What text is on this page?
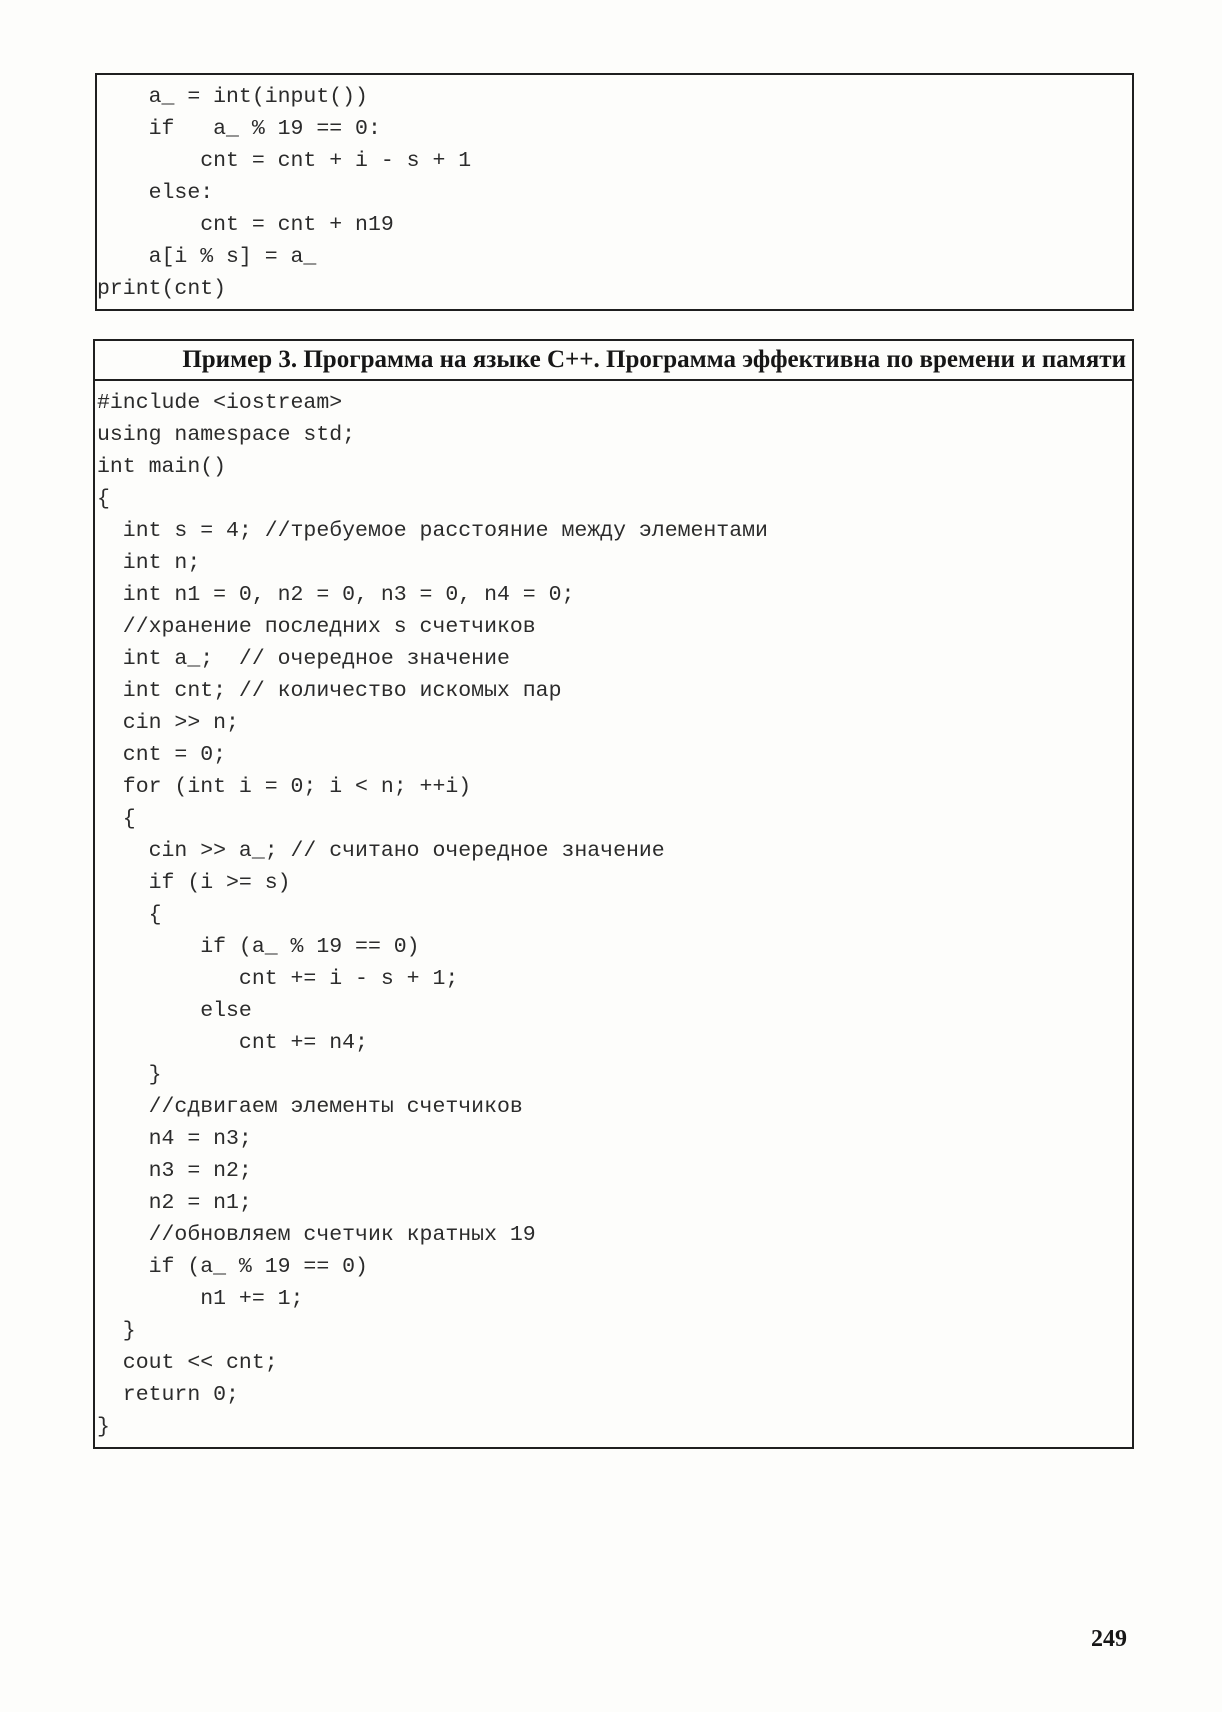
a_ = int(input())
if   a_ % 19 == 0:
cnt = cnt + i - s + 1
else:
cnt = cnt + n19
a[i % s] = a_
print(cnt)
Пример 3. Программа на языке C++. Программа эффективна по времени и памяти
#include <iostream>
using namespace std;
int main()
{
int s = 4; //требуемое расстояние между элементами
int n;
int n1 = 0, n2 = 0, n3 = 0, n4 = 0;
//хранение последних s счетчиков
int a_;  // очередное значение
int cnt; // количество искомых пар
cin >> n;
cnt = 0;
for (int i = 0; i < n; ++i)
{
cin >> a_; // считано очередное значение
if (i >= s)
{
if (a_ % 19 == 0)
cnt += i - s + 1;
else
cnt += n4;
}
//сдвигаем элементы счетчиков
n4 = n3;
n3 = n2;
n2 = n1;
//обновляем счетчик кратных 19
if (a_ % 19 == 0)
n1 += 1;
}
cout << cnt;
return 0;
}
249
